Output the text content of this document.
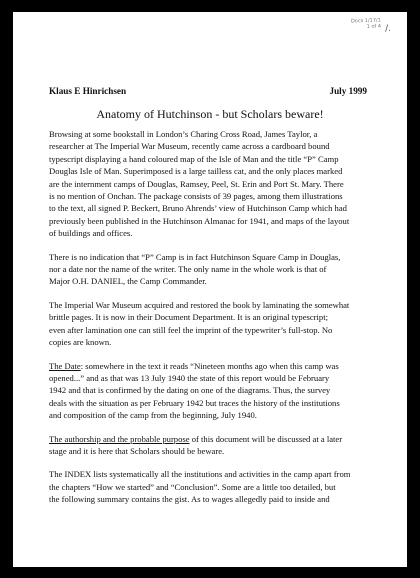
Docs 1/17/1
1 of 4 /.
Klaus E Hinrichsen	July 1999
Anatomy of Hutchinson - but Scholars beware!

Browsing at some bookstall in London’s Charing Cross Road, James Taylor, a
researcher at The Imperial War Museum, recently came across a cardboard bound
typescript displaying a hand coloured map of the Isle of Man and the title “P” Camp
Douglas Isle of Man. Superimposed is a large tailless cat, and the only places marked
are the internment camps of Douglas, Ramsey, Peel, St. Erin and Port St. Mary. There
is no mention of Onchan. The package consists of 39 pages, among them illustrations
to the text, all signed P. Beckert, Bruno Ahrends’ view of Hutchinson Camp which had
previously been published in the Hutchinson Almanac for 1941, and maps of the layout
of buildings and offices.

There is no indication that “P” Camp is in fact Hutchinson Square Camp in Douglas,
nor a date nor the name of the writer. The only name in the whole work is that of
Major O.H. DANIEL, the Camp Commander.

The Imperial War Museum acquired and restored the book by laminating the somewhat
brittle pages. It is now in their Document Department. It is an original typescript;
even after lamination one can still feel the imprint of the typewriter’s full-stop. No
copies are known.

The Date: somewhere in the text it reads “Nineteen months ago when this camp was
opened...” and as that was 13 July 1940 the state of this report would be February
1942 and that is confirmed by the dating on one of the diagrams. Thus, the survey
deals with the situation as per February 1942 but traces the history of the institutions
and composition of the camp from the beginning, July 1940.

The authorship and the probable purpose of this document will be discussed at a later
stage and it is here that Scholars should be beware.

The INDEX lists systematically all the institutions and activities in the camp apart from
the chapters “How we started” and “Conclusion”. Some are a little too detailed, but
the following summary contains the gist. As to wages allegedly paid to inside and
